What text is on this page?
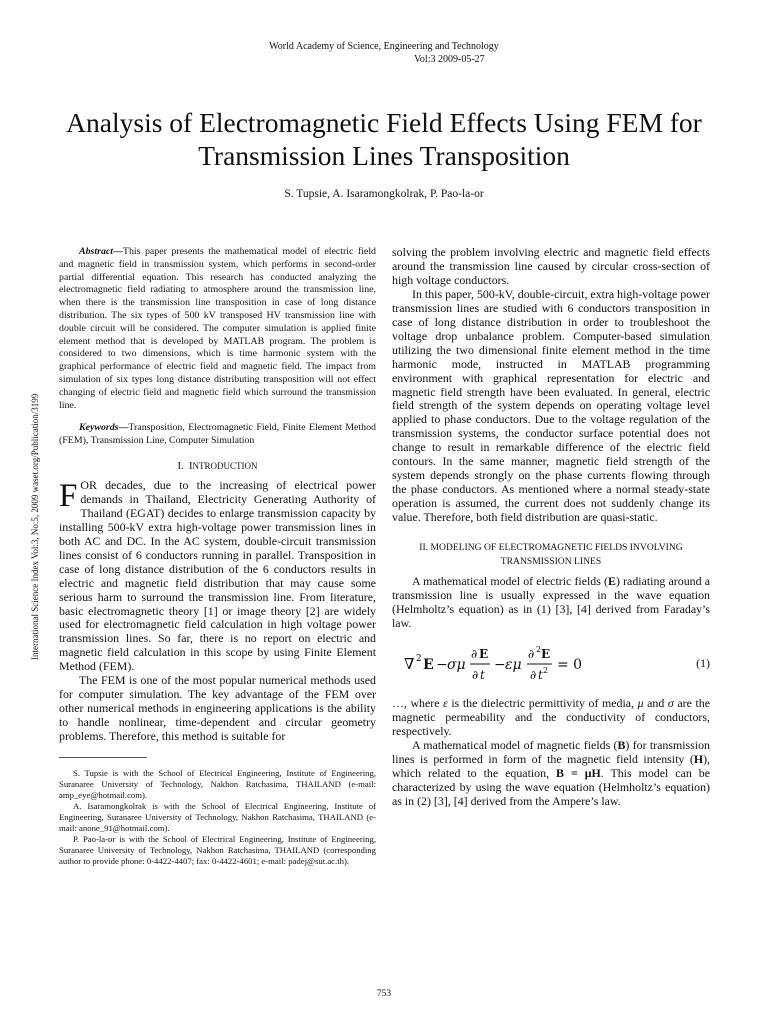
World Academy of Science, Engineering and Technology
Vol:3 2009-05-27
Analysis of Electromagnetic Field Effects Using FEM for Transmission Lines Transposition
S. Tupsie, A. Isaramongkolrak, P. Pao-la-or
International Science Index Vol:3, No:5, 2009 waset.org/Publication/3199

Abstract—This paper presents the mathematical model of electric field and magnetic field in transmission system, which performs in second-order partial differential equation. This research has conducted analyzing the electromagnetic field radiating to atmosphere around the transmission line, when there is the transmission line transposition in case of long distance distribution. The six types of 500 kV transposed HV transmission line with double circuit will be considered. The computer simulation is applied finite element method that is developed by MATLAB program. The problem is considered to two dimensions, which is time harmonic system with the graphical performance of electric field and magnetic field. The impact from simulation of six types long distance distributing transposition will not effect changing of electric field and magnetic field which surround the transmission line.

Keywords—Transposition, Electromagnetic Field, Finite Element Method (FEM), Transmission Line, Computer Simulation

I. INTRODUCTION

FOR decades, due to the increasing of electrical power demands in Thailand, Electricity Generating Authority of Thailand (EGAT) decides to enlarge transmission capacity by installing 500-kV extra high-voltage power transmission lines in both AC and DC. In the AC system, double-circuit transmission lines consist of 6 conductors running in parallel. Transposition in case of long distance distribution of the 6 conductors results in electric and magnetic field distribution that may cause some serious harm to surround the transmission line. From literature, basic electromagnetic theory [1] or image theory [2] are widely used for electromagnetic field calculation in high voltage power transmission lines. So far, there is no report on electric and magnetic field calculation in this scope by using Finite Element Method (FEM).

The FEM is one of the most popular numerical methods used for computer simulation. The key advantage of the FEM over other numerical methods in engineering applications is the ability to handle nonlinear, time-dependent and circular geometry problems. Therefore, this method is suitable for

S. Tupsie is with the School of Electrical Engineering, Institute of Engineering, Suranaree University of Technology, Nakhon Ratchasima, THAILAND (e-mail: amp_eye@hotmail.com).

A. Isaramongkolrak is with the School of Electrical Engineering, Institute of Engineering, Suranaree University of Technology, Nakhon Ratchasima, THAILAND (e-mail: anone_91@hotmail.com).

P. Pao-la-or is with the School of Electrical Engineering, Institute of Engineering, Suranaree University of Technology, Nakhon Ratchasima, THAILAND (corresponding author to provide phone: 0-4422-4407; fax: 0-4422-4601; e-mail: padej@sut.ac.th).

solving the problem involving electric and magnetic field effects around the transmission line caused by circular cross-section of high voltage conductors.

In this paper, 500-kV, double-circuit, extra high-voltage power transmission lines are studied with 6 conductors transposition in case of long distance distribution in order to troubleshoot the voltage drop unbalance problem. Computer-based simulation utilizing the two dimensional finite element method in the time harmonic mode, instructed in MATLAB programming environment with graphical representation for electric and magnetic field strength have been evaluated. In general, electric field strength of the system depends on operating voltage level applied to phase conductors. Due to the voltage regulation of the transmission systems, the conductor surface potential does not change to result in remarkable difference of the electric field contours. In the same manner, magnetic field strength of the system depends strongly on the phase currents flowing through the phase conductors. As mentioned where a normal steady-state operation is assumed, the current does not suddenly change its value. Therefore, both field distribution are quasi-static.

II. MODELING OF ELECTROMAGNETIC FIELDS INVOLVING
TRANSMISSION LINES

A mathematical model of electric fields (E) radiating around a transmission line is usually expressed in the wave equation (Helmholtz’s equation) as in (1) [3], [4] derived from Faraday’s law.

∇ 2 E − σμ
∂ E
∂ t
− εμ
∂ 2 E
∂ t 2 = 0	(1)

…, where ε is the dielectric permittivity of media, μ and σ are the magnetic permeability and the conductivity of conductors, respectively.

A mathematical model of magnetic fields (B) for transmission lines is performed in form of the magnetic field intensity (H), which related to the equation, B = μH. This model can be characterized by using the wave equation (Helmholtz’s equation) as in (2) [3], [4] derived from the Ampere’s law.

753
